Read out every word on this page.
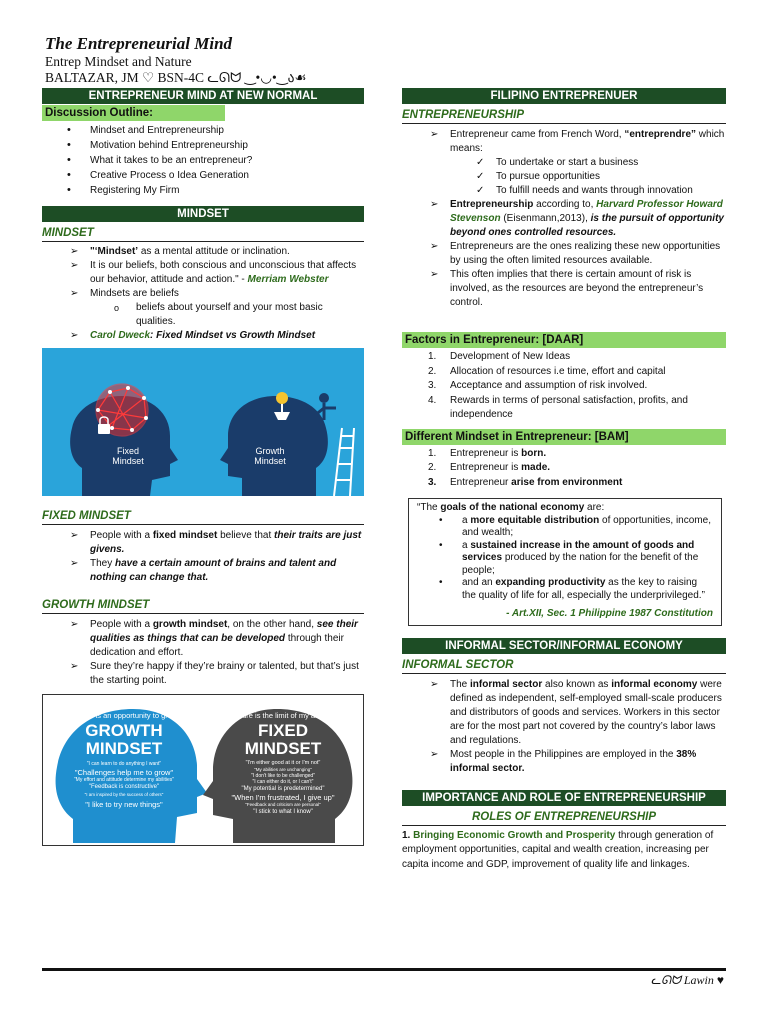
The Entrepreneurial Mind
Entrep Mindset and Nature
BALTAZAR, JM ♡ BSN-4C ᓚᘏᗢ ‿•◡•‿ა☙
ENTREPRENEUR MIND AT NEW NORMAL
Discussion Outline:
• Mindset and Entrepreneurship
• Motivation behind Entrepreneurship
• What it takes to be an entrepreneur?
• Creative Process o Idea Generation
• Registering My Firm
MINDSET
MINDSET
➢ "‘Mindset’ as a mental attitude or inclination.
➢ It is our beliefs, both conscious and unconscious that affects our behavior, attitude and action." - Merriam Webster
➢ Mindsets are beliefs
o beliefs about yourself and your most basic qualities.
➢ Carol Dweck: Fixed Mindset vs Growth Mindset
Fixed
Mindset
Growth
Mindset
FIXED MINDSET
➢ People with a fixed mindset believe that their traits are just givens.
➢ They have a certain amount of brains and talent and nothing can change that.
GROWTH MINDSET
➢ People with a growth mindset, on the other hand, see their qualities as things that can be developed through their dedication and effort.
➢ Sure they’re happy if they’re brainy or talented, but that’s just the starting point.
"Failure is an opportunity to grow"
GROWTH
MINDSET
"I can learn to do anything I want"
"Challenges help me to grow"
"My effort and attitude determine my abilities"
"Feedback is constructive"
"I am inspired by the success of others"
"I like to try new things"
"Failure is the limit of my abilities"
FIXED
MINDSET
"I'm either good at it or I'm not"
"My abilities are unchanging"
"I don't like to be challenged"
"I can either do it, or I can't"
"My potential is predetermined"
"When I'm frustrated, I give up"
"Feedback and criticism are personal"
"I stick to what I know"
FILIPINO ENTREPRENUER
ENTREPRENEURSHIP
➢ Entrepreneur came from French Word, “entreprendre” which means:
✓ To undertake or start a business
✓ To pursue opportunities
✓ To fulfill needs and wants through innovation
➢ Entrepreneurship according to, Harvard Professor Howard Stevenson (Eisenmann,2013), is the pursuit of opportunity beyond ones controlled resources.
➢ Entrepreneurs are the ones realizing these new opportunities by using the often limited resources available.
➢ This often implies that there is certain amount of risk is involved, as the resources are beyond the entrepreneur’s control.
Factors in Entrepreneur: [DAAR]
1. Development of New Ideas
2. Allocation of resources i.e time, effort and capital
3. Acceptance and assumption of risk involved.
4. Rewards in terms of personal satisfaction, profits, and independence
Different Mindset in Entrepreneur: [BAM]
1. Entrepreneur is born.
2. Entrepreneur is made.
3. Entrepreneur arise from environment
“The goals of the national economy are:
• a more equitable distribution of opportunities, income, and wealth;
• a sustained increase in the amount of goods and services produced by the nation for the benefit of the people;
• and an expanding productivity as the key to raising the quality of life for all, especially the underprivileged.”
- Art.XII, Sec. 1 Philippine 1987 Constitution
INFORMAL SECTOR/INFORMAL ECONOMY
INFORMAL SECTOR
➢ The informal sector also known as informal economy were defined as independent, self-employed small-scale producers and distributors of goods and services. Workers in this sector are for the most part not covered by the country’s labor laws and regulations.
➢ Most people in the Philippines are employed in the 38% informal sector.
IMPORTANCE AND ROLE OF ENTREPRENEURSHIP
ROLES OF ENTREPRENEURSHIP
1. Bringing Economic Growth and Prosperity through generation of employment opportunities, capital and wealth creation, increasing per capita income and GDP, improvement of quality life and linkages.
ᓚᘏᗢ Lawin ♥
